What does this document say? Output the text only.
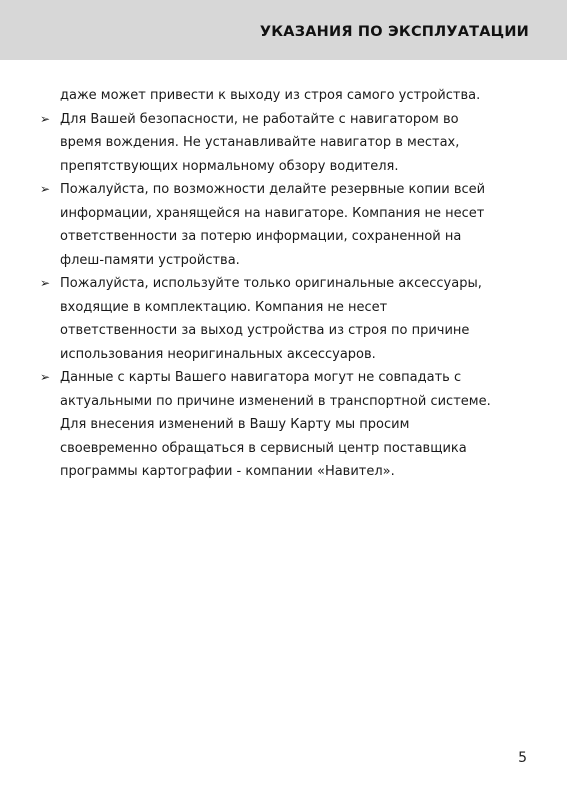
УКАЗАНИЯ ПО ЭКСПЛУАТАЦИИ
даже может привести к выходу из строя самого устройства.
➢ Для Вашей безопасности, не работайте с навигатором во
время вождения. Не устанавливайте навигатор в местах,
препятствующих нормальному обзору водителя.
➢ Пожалуйста, по возможности делайте резервные копии всей
информации, хранящейся на навигаторе. Компания не несет
ответственности за потерю информации, сохраненной на
флеш-памяти устройства.
➢ Пожалуйста, используйте только оригинальные аксессуары,
входящие в комплектацию. Компания не несет
ответственности за выход устройства из строя по причине
использования неоригинальных аксессуаров.
➢ Данные с карты Вашего навигатора могут не совпадать с
актуальными по причине изменений в транспортной системе.
Для внесения изменений в Вашу Карту мы просим
своевременно обращаться в сервисный центр поставщика
программы картографии - компании «Навител».
5
